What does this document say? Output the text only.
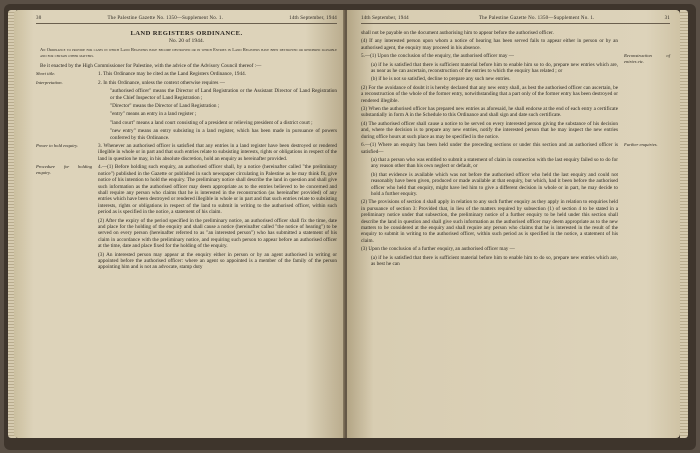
30	The Palestine Gazette No. 1350—Supplement No. 1.	14th September, 1944
LAND REGISTERS ORDINANCE.
No. 20 of 1944.
An Ordinance to provide for cases in which Land Registers have become destroyed or in which Entries in Land Registers have been destroyed or rendered illegible and for certain other matters.
Be it enacted by the High Commissioner for Palestine, with the advice of the Advisory Council thereof :—
Short title.	1. This Ordinance may be cited as the Land Registers Ordinance, 1944.
Interpretation.	2. In this Ordinance, unless the context otherwise requires —
"authorised officer" means the Director of Land Registration or the Assistant Director of Land Registration or the Chief Inspector of Land Registration ;
"Director" means the Director of Land Registration ;
"entry" means an entry in a land register ;
"land court" means a land court consisting of a president or relieving president of a district court ;
"new entry" means an entry subsisting in a land register, which has been made in pursuance of powers conferred by this Ordinance.
Power to hold enquiry.	3. Whenever an authorised officer is satisfied that any entries in a land register have been destroyed or rendered illegible in whole or in part and that such entries relate to subsisting interests, rights or obligations in respect of the land in question he may, in his absolute discretion, hold an enquiry as hereinafter provided.
Procedure for holding enquiry.
4.—(1) Before holding such enquiry, an authorised officer shall, by a notice (hereinafter called "the preliminary notice") published in the Gazette or published in such newspaper circulating in Palestine as he may think fit, give notice of his intention to hold the enquiry. The preliminary notice shall describe the land in question and shall give such information as the authorised officer may deem appropriate as to the entries believed to be concerned and shall require any person who claims that he is interested in the reconstruction (as hereinafter provided) of any entries which have been destroyed or rendered illegible in whole or in part and that such entries relate to subsisting interests, rights or obligations in respect of the land to submit in writing to the authorised officer, within such period as is specified in the notice, a statement of his claim.
(2) After the expiry of the period specified in the preliminary notice, an authorised officer shall fix the time, date and place for the holding of the enquiry and shall cause a notice (hereinafter called "the notice of hearing") to be served on every person (hereinafter referred to as "an interested person") who has submitted a statement of his claim in accordance with the preliminary notice, and requiring such person to appear before an authorised officer at the time, date and place fixed for the holding of the enquiry.
(3) An interested person may appear at the enquiry either in person or by an agent authorised in writing or appointed before the authorised officer: where an agent so appointed is a member of the family of the person appointing him and is not an advocate, stamp duty
14th September, 1944	The Palestine Gazette No. 1350—Supplement No. 1.	31
shall not be payable on the document authorising him to appear before the authorised officer.
(4) If any interested person upon whom a notice of hearing has been served fails to appear either in person or by an authorised agent, the enquiry may proceed in his absence.
Reconstruction of entries etc.
5.—(1) Upon the conclusion of the enquiry, the authorised officer may —
(a) if he is satisfied that there is sufficient material before him to enable him so to do, prepare new entries which are, as near as he can ascertain, reconstruction of the entries to which the enquiry has related ; or
(b) if he is not so satisfied, decline to prepare any such new entries.
(2) For the avoidance of doubt it is hereby declared that any new entry shall, as best the authorised officer can ascertain, be a reconstruction of the whole of the former entry, notwithstanding that a part only of the former entry has been destroyed or rendered illegible.
(3) When the authorised officer has prepared new entries as aforesaid, he shall endorse at the end of each entry a certificate substantially in form A in the Schedule to this Ordinance and shall sign and date such certificate.
(4) The authorised officer shall cause a notice to be served on every interested person giving the substance of his decision and, where the decision is to prepare any new entries, notify the interested person that he may inspect the new entries during office hours at such place as may be specified in the notice.
Further enquiries.
6.—(1) Where an enquiry has been held under the preceding sections or under this section and an authorised officer is satisfied—
(a) that a person who was entitled to submit a statement of claim in connection with the last enquiry failed so to do for any reason other than his own neglect or default, or
(b) that evidence is available which was not before the authorised officer who held the last enquiry and could not reasonably have been given, produced or made available at that enquiry, but which, had it been before the authorised officer who held that enquiry, might have led him to give a different decision in whole or in part, he may decide to hold a further enquiry.
(2) The provisions of section 4 shall apply in relation to any such further enquiry as they apply in relation to enquiries held in pursuance of section 3: Provided that, in lieu of the matters required by subsection (1) of section 4 to be stated in a preliminary notice under that subsection, the preliminary notice of a further enquiry to be held under this section shall describe the land in question and shall give such information as the authorised officer may deem appropriate as to the new matters to be considered at the enquiry and shall require any person who claims that he is interested in the result of the enquiry to submit in writing to the authorised officer, within such period as is specified in the notice, a statement of his claim.
(3) Upon the conclusion of a further enquiry, an authorised officer may —
(a) if he is satisfied that there is sufficient material before him to enable him to do so, prepare new entries which are, as best he can
